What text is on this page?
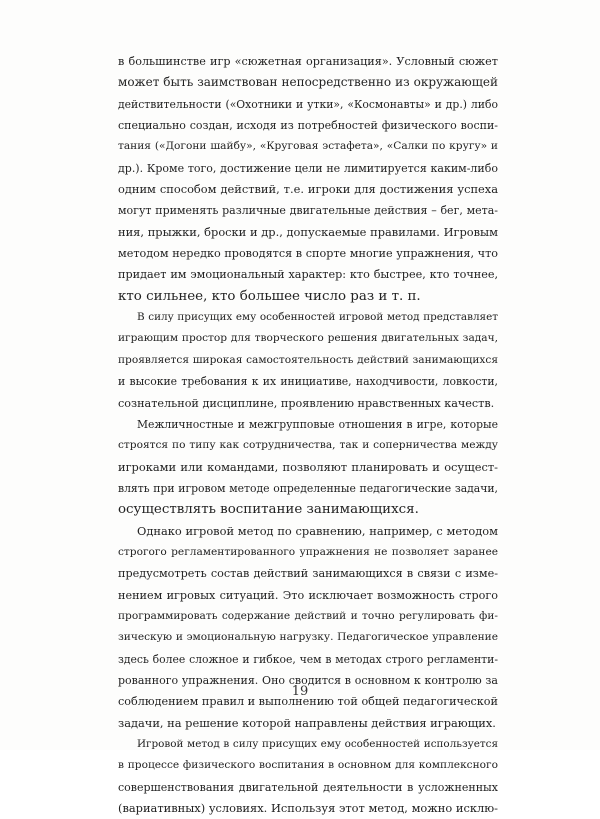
в большинстве игр «сюжетная организация». Условный сюжет
может быть заимствован непосредственно из окружающей
действительности («Охотники и утки», «Космонавты» и др.) либо
специально создан, исходя из потребностей физического воспи-
тания («Догони шайбу», «Круговая эстафета», «Салки по кругу» и
др.). Кроме того, достижение цели не лимитируется каким-либо
одним способом действий, т.е. игроки для достижения успеха
могут применять различные двигательные действия – бег, мета-
ния, прыжки, броски и др., допускаемые правилами. Игровым
методом нередко проводятся в спорте многие упражнения, что
придает им эмоциональный характер: кто быстрее, кто точнее,
кто сильнее, кто большее число раз и т. п.
В силу присущих ему особенностей игровой метод представляет
играющим простор для творческого решения двигательных задач,
проявляется широкая самостоятельность действий занимающихся
и высокие требования к их инициативе, находчивости, ловкости,
сознательной дисциплине, проявлению нравственных качеств.
Межличностные и межгрупповые отношения в игре, которые
строятся по типу как сотрудничества, так и соперничества между
игроками или командами, позволяют планировать и осущест-
влять при игровом методе определенные педагогические задачи,
осуществлять воспитание занимающихся.
Однако игровой метод по сравнению, например, с методом
строгого регламентированного упражнения не позволяет заранее
предусмотреть состав действий занимающихся в связи с изме-
нением игровых ситуаций. Это исключает возможность строго
программировать содержание действий и точно регулировать фи-
зическую и эмоциональную нагрузку. Педагогическое управление
здесь более сложное и гибкое, чем в методах строго регламенти-
рованного упражнения. Оно сводится в основном к контролю за
соблюдением правил и выполнению той общей педагогической
задачи, на решение которой направлены действия играющих.
Игровой метод в силу присущих ему особенностей используется
в процессе физического воспитания в основном для комплексного
совершенствования двигательной деятельности в усложненных
(вариативных) условиях. Используя этот метод, можно исклю-
19
